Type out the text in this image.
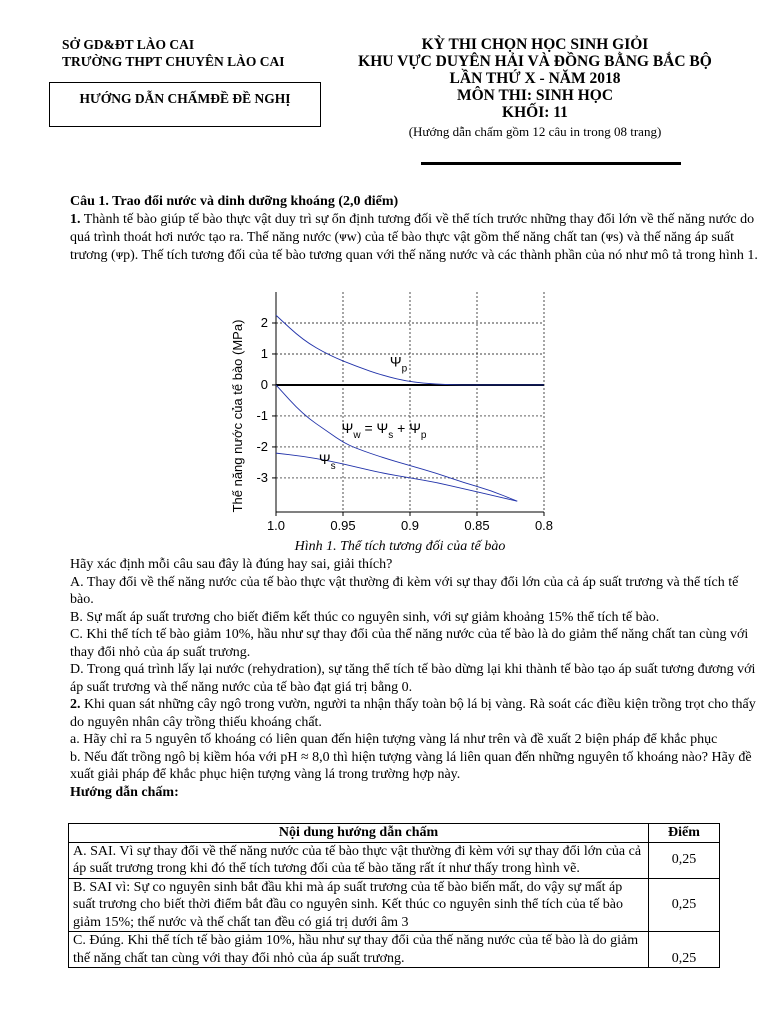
SỞ GD&ĐT LÀO CAI
TRƯỜNG THPT CHUYÊN LÀO CAI
HƯỚNG DẪN CHẤMĐỀ ĐỀ NGHỊ
KỲ THI CHỌN HỌC SINH GIỎI
KHU VỰC DUYÊN HẢI VÀ ĐỒNG BẰNG BẮC BỘ
LẦN THỨ X - NĂM 2018
MÔN THI: SINH HỌC
KHỐI: 11
(Hướng dẫn chấm gồm 12 câu in trong 08 trang)

Câu 1. Trao đổi nước và dinh dưỡng khoáng (2,0 điểm)

1. Thành tế bào giúp tế bào thực vật duy trì sự ổn định tương đối về thể tích trước những thay đổi lớn về thế năng nước do quá trình thoát hơi nước tạo ra. Thế năng nước (ᴪw) của tế bào thực vật gồm thế năng chất tan (ᴪs) và thế năng áp suất trương (ᴪp). Thế tích tương đối của tế bào tương quan với thế năng nước và các thành phần của nó như mô tả trong hình 1.

1.0	0.95	0.9	0.85	0.8
2
1
0
-1
-2
-3
Thế năng nước của tế bào (MPa)	$\Psi_p$
$\Psi_w = \Psi_s + \Psi_p$
$\Psi_s$
Hình 1. Thể tích tương đối của tế bào

Hãy xác định mỗi câu sau đây là đúng hay sai, giải thích?

A. Thay đổi về thế năng nước của tế bào thực vật thường đi kèm với sự thay đổi lớn của cả áp suất trương và thể tích tế bào.

B. Sự mất áp suất trương cho biết điểm kết thúc co nguyên sinh, với sự giảm khoảng 15% thể tích tế bào.

C. Khi thể tích tế bào giảm 10%, hầu như sự thay đổi của thế năng nước của tế bào là do giảm thế năng chất tan cùng với thay đổi nhỏ của áp suất trương.

D. Trong quá trình lấy lại nước (rehydration), sự tăng thể tích tế bào dừng lại khi thành tế bào tạo áp suất tương đương với áp suất trương và thế năng nước của tế bào đạt giá trị bằng 0.

2. Khi quan sát những cây ngô trong vườn, người ta nhận thấy toàn bộ lá bị vàng. Rà soát các điều kiện trồng trọt cho thấy do nguyên nhân cây trồng thiếu khoáng chất.

a. Hãy chỉ ra 5 nguyên tố khoáng có liên quan đến hiện tượng vàng lá như trên và đề xuất 2 biện pháp để khắc phục

b. Nếu đất trồng ngô bị kiềm hóa với pH ≈ 8,0 thì hiện tượng vàng lá liên quan đến những nguyên tố khoáng nào? Hãy đề xuất giải pháp để khắc phục hiện tượng vàng lá trong trường hợp này.

Hướng dẫn chấm:

Nội dung hướng dẫn chấm	Điểm
A. SAI. Vì sự thay đổi về thế năng nước của tế bào thực vật thường đi kèm với sự thay đổi lớn của cả áp suất trương trong khi đó thể tích tương đối của tế bào tăng rất ít như thấy trong hình vẽ.	0,25
B. SAI vì: Sự co nguyên sinh bắt đầu khi mà áp suất trương của tế bào biến mất, do vậy sự mất áp suất trương cho biết thời điểm bắt đầu co nguyên sinh. Kết thúc co nguyên sinh thể tích của tế bào giảm 15%; thế nước và thế chất tan đều có giá trị dưới âm 3	0,25
C. Đúng. Khi thể tích tế bào giảm 10%, hầu như sự thay đổi của thế năng nước của tế bào là do giảm thế năng chất tan cùng với thay đổi nhỏ của áp suất trương.	0,25
